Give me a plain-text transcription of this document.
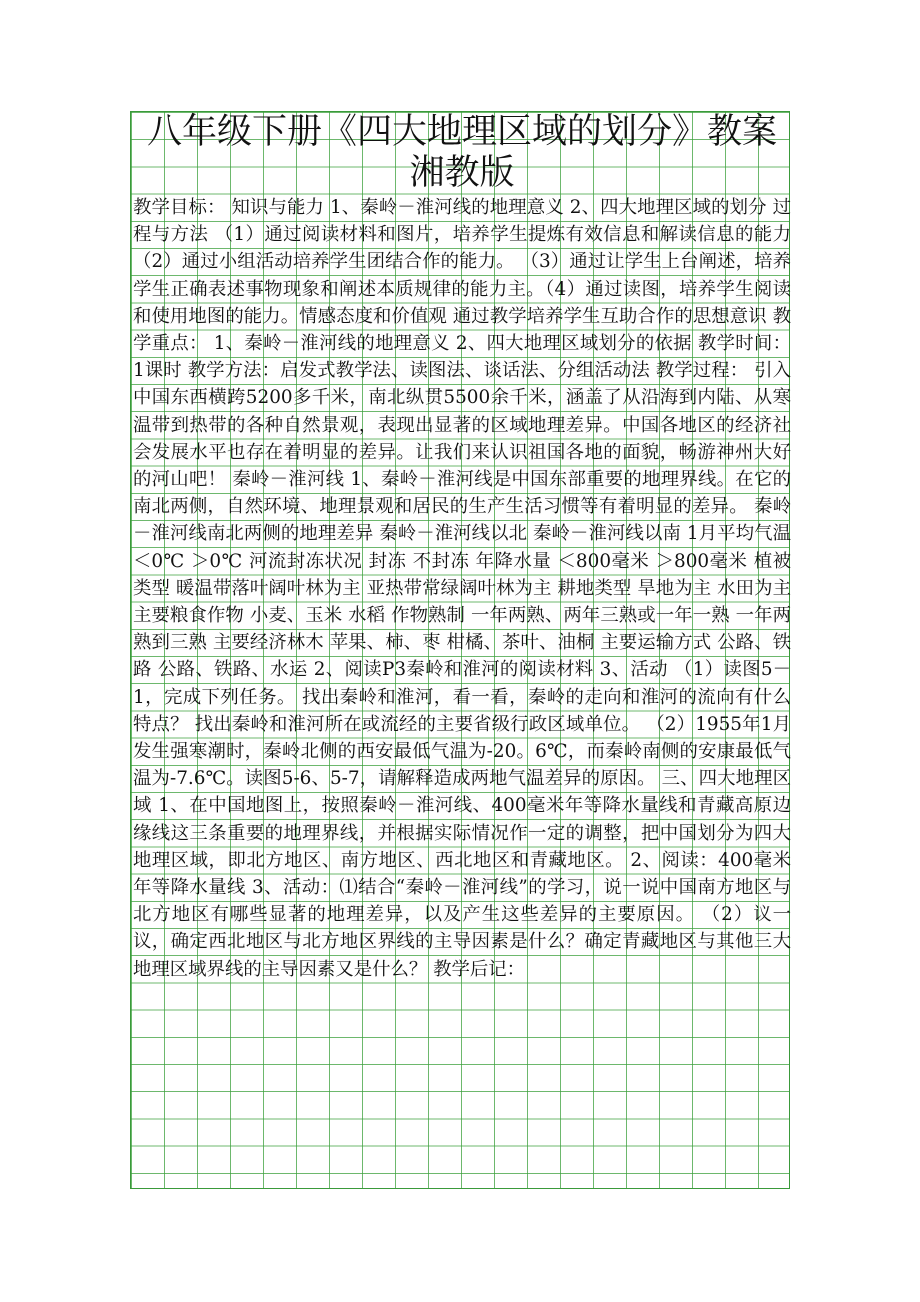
八年级下册《四大地理区域的划分》教案湘教版

教学目标： 知识与能力 1、秦岭－淮河线的地理意义 2、四大地理区域的划分 过程与方法 （1）通过阅读材料和图片，培养学生提炼有效信息和解读信息的能力（2）通过小组活动培养学生团结合作的能力。 （3）通过让学生上台阐述，培养学生正确表述事物现象和阐述本质规律的能力主。（4）通过读图，培养学生阅读和使用地图的能力。情感态度和价值观 通过教学培养学生互助合作的思想意识 教学重点： 1、秦岭－淮河线的地理意义 2、四大地理区域划分的依据 教学时间：1课时 教学方法：启发式教学法、读图法、谈话法、分组活动法 教学过程： 引入 中国东西横跨5200多千米，南北纵贯5500余千米，涵盖了从沿海到内陆、从寒温带到热带的各种自然景观，表现出显著的区域地理差异。中国各地区的经济社会发展水平也存在着明显的差异。让我们来认识祖国各地的面貌，畅游神州大好的河山吧！ 秦岭－淮河线 1、秦岭－淮河线是中国东部重要的地理界线。在它的南北两侧，自然环境、地理景观和居民的生产生活习惯等有着明显的差异。 秦岭－淮河线南北两侧的地理差异 秦岭－淮河线以北 秦岭－淮河线以南 1月平均气温 ＜0℃ ＞0℃ 河流封冻状况 封冻 不封冻 年降水量 ＜800毫米 ＞800毫米 植被类型 暖温带落叶阔叶林为主 亚热带常绿阔叶林为主 耕地类型 旱地为主 水田为主 主要粮食作物 小麦、玉米 水稻 作物熟制 一年两熟、两年三熟或一年一熟 一年两熟到三熟 主要经济林木 苹果、柿、枣 柑橘、茶叶、油桐 主要运输方式 公路、铁路 公路、铁路、水运 2、阅读P3秦岭和淮河的阅读材料 3、活动 （1）读图5－1，完成下列任务。 找出秦岭和淮河，看一看，秦岭的走向和淮河的流向有什么特点？ 找出秦岭和淮河所在或流经的主要省级行政区域单位。 （2）1955年1月发生强寒潮时，秦岭北侧的西安最低气温为-20。6℃，而秦岭南侧的安康最低气温为-7.6℃。读图5-6、5-7，请解释造成两地气温差异的原因。 三、四大地理区域 1、在中国地图上，按照秦岭－淮河线、400毫米年等降水量线和青藏高原边缘线这三条重要的地理界线，并根据实际情况作一定的调整，把中国划分为四大地理区域，即北方地区、南方地区、西北地区和青藏地区。 2、阅读：400毫米年等降水量线 3、活动：⑴结合“秦岭－淮河线”的学习，说一说中国南方地区与北方地区有哪些显著的地理差异，以及产生这些差异的主要原因。 （2）议一议，确定西北地区与北方地区界线的主导因素是什么？确定青藏地区与其他三大地理区域界线的主导因素又是什么？ 教学后记：
